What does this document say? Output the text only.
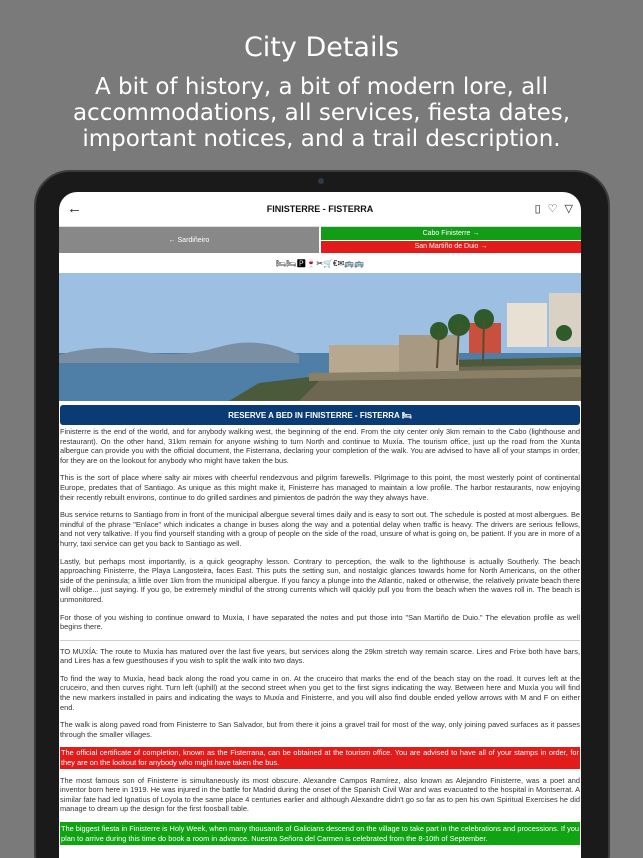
City Details
A bit of history, a bit of modern lore, all accommodations, all services, fiesta dates, important notices, and a trail description.
←	FINISTERRE - FISTERRA	▯ ♡ ▽
← Sardiñeiro
Cabo Finisterre →
San Martiño de Duio →
🛏🛏🅿🍷✂🛒€✉🚌🚌
RESERVE A BED IN FINISTERRE - FISTERRA 🛏

Finisterre is the end of the world, and for anybody walking west, the beginning of the end. From the city center only 3km remain to the Cabo (lighthouse and restaurant). On the other hand, 31km remain for anyone wishing to turn North and continue to Muxía. The tourism office, just up the road from the Xunta albergue can provide you with the official document, the Fisterrana, declaring your completion of the walk. You are advised to have all of your stamps in order, for they are on the lookout for anybody who might have taken the bus.

This is the sort of place where salty air mixes with cheerful rendezvous and pilgrim farewells. Pilgrimage to this point, the most westerly point of continental Europe, predates that of Santiago. As unique as this might make it, Finisterre has managed to maintain a low profile. The harbor restaurants, now enjoying their recently rebuilt environs, continue to do grilled sardines and pimientos de padrón the way they always have.

Bus service returns to Santiago from in front of the municipal albergue several times daily and is easy to sort out. The schedule is posted at most albergues. Be mindful of the phrase "Enlace" which indicates a change in buses along the way and a potential delay when traffic is heavy. The drivers are serious fellows, and not very talkative. If you find yourself standing with a group of people on the side of the road, unsure of what is going on, be patient. If you are in more of a hurry, taxi service can get you back to Santiago as well.

Lastly, but perhaps most importantly, is a quick geography lesson. Contrary to perception, the walk to the lighthouse is actually Southerly. The beach approaching Finisterre, the Playa Langosteira, faces East. This puts the setting sun, and nostalgic glances towards home for North Americans, on the other side of the peninsula; a little over 1km from the municipal albergue. If you fancy a plunge into the Atlantic, naked or otherwise, the relatively private beach there will oblige... just saying. If you go, be extremely mindful of the strong currents which will quickly pull you from the beach when the waves roll in. The beach is unmonitored.

For those of you wishing to continue onward to Muxía, I have separated the notes and put those into "San Martiño de Duio." The elevation profile as well begins there.

TO MUXÍA: The route to Muxía has matured over the last five years, but services along the 29km stretch way remain scarce. Lires and Frixe both have bars, and Lires has a few guesthouses if you wish to split the walk into two days.

To find the way to Muxía, head back along the road you came in on. At the cruceiro that marks the end of the beach stay on the road. It curves left at the cruceiro, and then curves right. Turn left (uphill) at the second street when you get to the first signs indicating the way. Between here and Muxía you will find the new markers installed in pairs and indicating the ways to Muxía and Finisterre, and you will also find double ended yellow arrows with M and F on either end.

The walk is along paved road from Finisterre to San Salvador, but from there it joins a gravel trail for most of the way, only joining paved surfaces as it passes through the smaller villages.

The official certificate of completion, known as the Fisterrana, can be obtained at the tourism office. You are advised to have all of your stamps in order, for they are on the lookout for anybody who might have taken the bus.

The most famous son of Finisterre is simultaneously its most obscure. Alexandre Campos Ramírez, also known as Alejandro Finisterre, was a poet and inventor born here in 1919. He was injured in the battle for Madrid during the onset of the Spanish Civil War and was evacuated to the hospital in Montserrat. A similar fate had led Ignatius of Loyola to the same place 4 centuries earlier and although Alexandre didn't go so far as to pen his own Spiritual Exercises he did manage to dream up the design for the first foosball table.

The biggest fiesta in Finisterre is Holy Week, when many thousands of Galicians descend on the village to take part in the celebrations and processions. If you plan to arrive during this time do book a room in advance. Nuestra Señora del Carmen is celebrated from the 8-10th of September.
